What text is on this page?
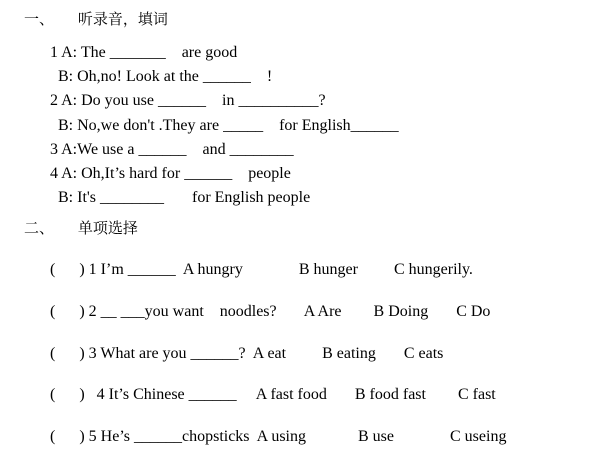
一、     听录音，填词
1 A: The _______    are good
B: Oh,no! Look at the ______    !
2 A: Do you use ______    in __________?
B: No,we don't .They are _____    for English______
3 A:We use a ______    and ________
4 A: Oh,It’s hard for ______    people
B: It's ________       for English people
二、     单项选择
(      ) 1 I’m ______  A hungry              B hunger         C hungerily.
(      ) 2 __ ___you want    noodles?       A Are        B Doing       C Do
(      ) 3 What are you ______?  A eat         B eating       C eats
(      )   4 It’s Chinese ______     A fast food       B food fast        C fast
(      ) 5 He’s ______chopsticks  A using             B use              C useing
